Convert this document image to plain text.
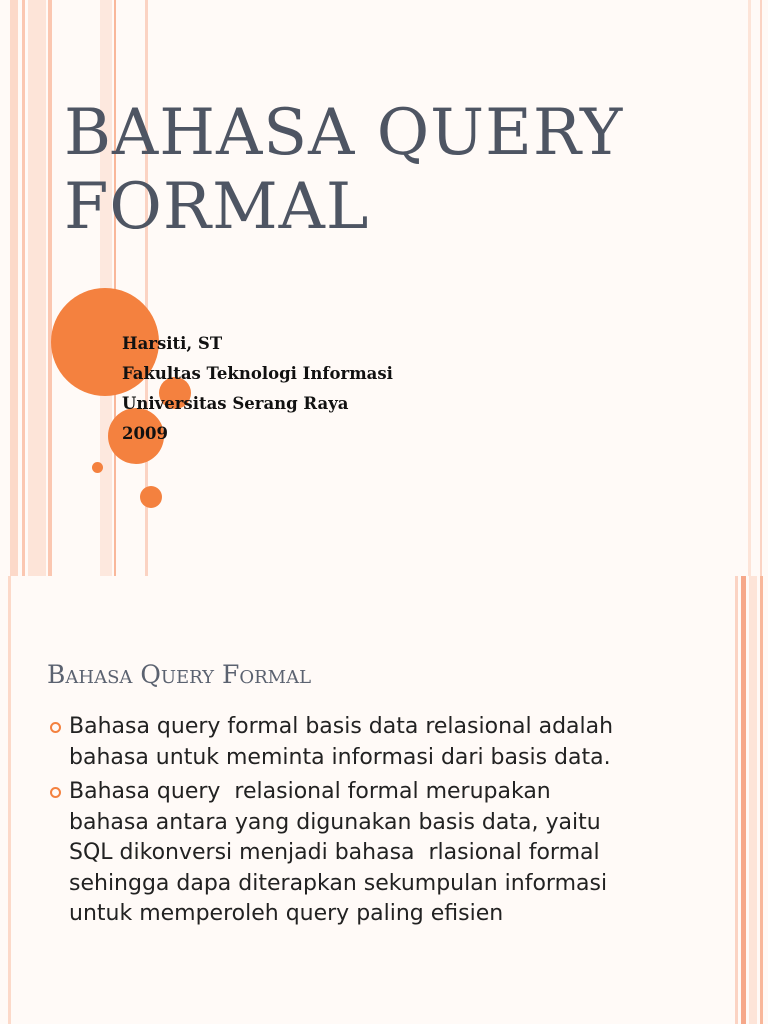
BAHASA QUERY
FORMAL
Harsiti, ST
Fakultas Teknologi Informasi
Universitas Serang Raya
2009
Bahasa Query Formal
Bahasa query formal basis data relasional adalah
bahasa untuk meminta informasi dari basis data.
Bahasa query  relasional formal merupakan
bahasa antara yang digunakan basis data, yaitu
SQL dikonversi menjadi bahasa  rlasional formal
sehingga dapa diterapkan sekumpulan informasi
untuk memperoleh query paling efisien
